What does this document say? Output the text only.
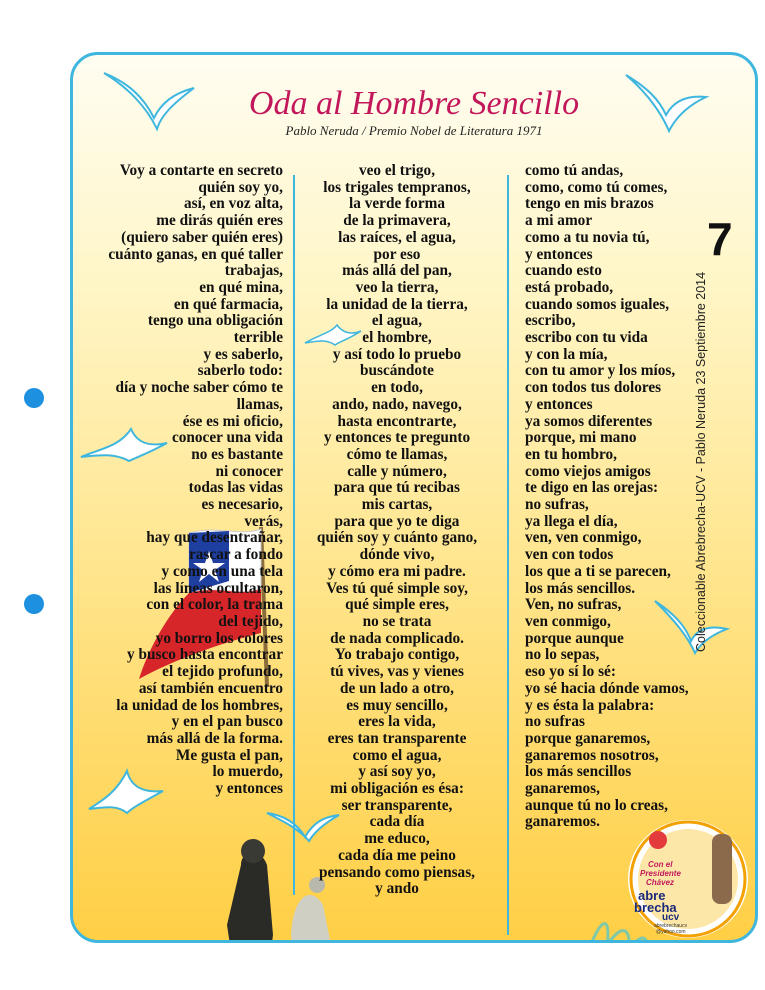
Oda al Hombre Sencillo
Pablo Neruda / Premio Nobel de Literatura 1971
Voy a contarte en secreto
quién soy yo,
así, en voz alta,
me dirás quién eres
(quiero saber quién eres)
cuánto ganas, en qué taller
trabajas,
en qué mina,
en qué farmacia,
tengo una obligación
terrible
y es saberlo,
saberlo todo:
día y noche saber cómo te
llamas,
ése es mi oficio,
conocer una vida
no es bastante
ni conocer
todas las vidas
es necesario,
verás,
hay que desentrañar,
rascar a fondo
y como en una tela
las líneas ocultaron,
con el color, la trama
del tejido,
yo borro los colores
y busco hasta encontrar
el tejido profundo,
así también encuentro
la unidad de los hombres,
y en el pan busco
más allá de la forma.
Me gusta el pan,
lo muerdo,
y entonces
veo el trigo,
los trigales tempranos,
la verde forma
de la primavera,
las raíces, el agua,
por eso
más allá del pan,
veo la tierra,
la unidad de la tierra,
el agua,
el hombre,
y así todo lo pruebo
buscándote
en todo,
ando, nado, navego,
hasta encontrarte,
y entonces te pregunto
cómo te llamas,
calle y número,
para que tú recibas
mis cartas,
para que yo te diga
quién soy y cuánto gano,
dónde vivo,
y cómo era mi padre.
Ves tú qué simple soy,
qué simple eres,
no se trata
de nada complicado.
Yo trabajo contigo,
tú vives, vas y vienes
de un lado a otro,
es muy sencillo,
eres la vida,
eres tan transparente
como el agua,
y así soy yo,
mi obligación es ésa:
ser transparente,
cada día
me educo,
cada día me peino
pensando como piensas,
y ando
como tú andas,
como, como tú comes,
tengo en mis brazos
a mi amor
como a tu novia tú,
y entonces
cuando esto
está probado,
cuando somos iguales,
escribo,
escribo con tu vida
y con la mía,
con tu amor y los míos,
con todos tus dolores
y entonces
ya somos diferentes
porque, mi mano
en tu hombro,
como viejos amigos
te digo en las orejas:
no sufras,
ya llega el día,
ven, ven conmigo,
ven con todos
los que a ti se parecen,
los más sencillos.
Ven, no sufras,
ven conmigo,
porque aunque
no lo sepas,
eso yo sí lo sé:
yo sé hacia dónde vamos,
y es ésta la palabra:
no sufras
porque ganaremos,
ganaremos nosotros,
los más sencillos
ganaremos,
aunque tú no lo creas,
ganaremos.
7
Coleccionable Abrebrecha-UCV - Pablo Neruda 23 Septiembre 2014
Con el
Presidente
Chávez
abre
brecha
ucv
abrebrechaucv
@yahoo.com
